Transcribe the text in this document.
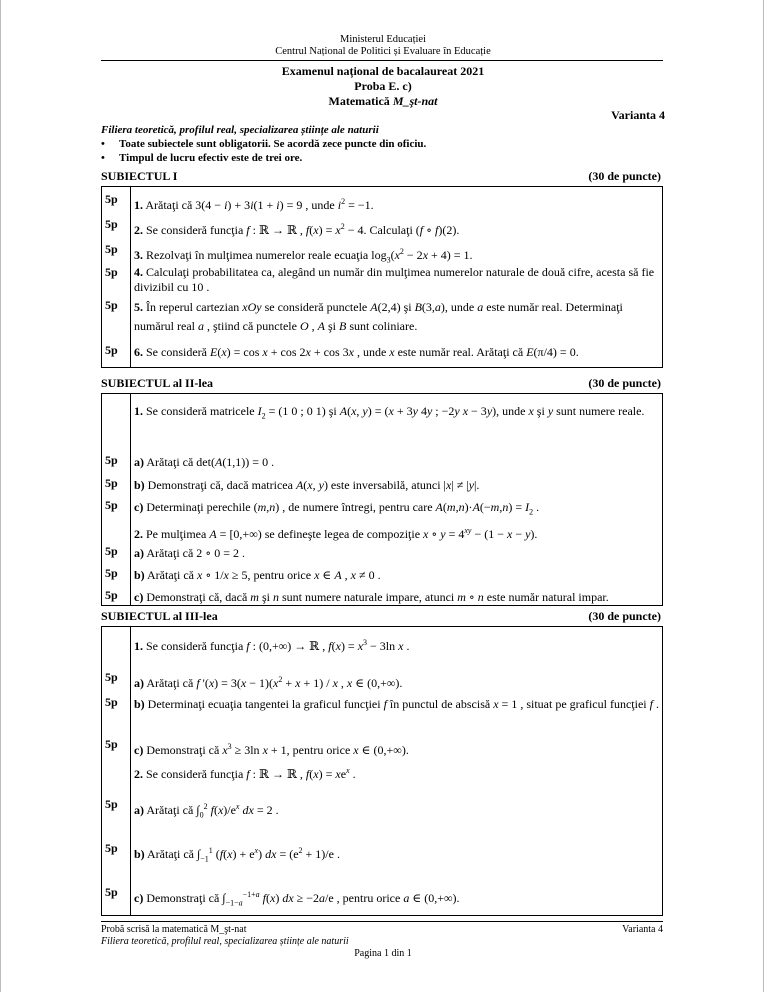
Ministerul Educației
Centrul Național de Politici și Evaluare în Educație
Examenul național de bacalaureat 2021
Proba E. c)
Matematică M_şt-nat
Varianta 4
Filiera teoretică, profilul real, specializarea științe ale naturii
• Toate subiectele sunt obligatorii. Se acordă zece puncte din oficiu.
• Timpul de lucru efectiv este de trei ore.
SUBIECTUL I	(30 de puncte)
5p	1. Arătaţi că 3(4 − i) + 3i(1 + i) = 9 , unde $i^2 = -1$.
5p	2. Se consideră funcţia f : ℝ → ℝ , $f(x) = x^2 - 4$. Calculaţi (f ∘ f)(2).
5p	3. Rezolvaţi în mulţimea numerelor reale ecuaţia $\log_3(x^2 - 2x + 4) = 1$.
5p	4. Calculaţi probabilitatea ca, alegând un număr din mulţimea numerelor naturale de două cifre, acesta să fie divizibil cu 10 .
5p	5. În reperul cartezian xOy se consideră punctele A(2,4) şi B(3,a), unde a este număr real. Determinaţi numărul real a , ştiind că punctele O , A şi B sunt coliniare.
5p	6. Se consideră E(x) = cos x + cos 2x + cos 3x , unde x este număr real. Arătaţi că E(π/4) = 0.
SUBIECTUL al II-lea	(30 de puncte)
1. Se consideră matricele $I_2 = (1$ 0 ; 0 1) şi A(x, y) = (x + 3y 4y ; −2y x − 3y), unde x şi y sunt numere reale.
5p	a) Arătaţi că det(A(1,1)) = 0 .
5p	b) Demonstraţi că, dacă matricea A(x, y) este inversabilă, atunci |x| ≠ |y|.
5p	c) Determinaţi perechile (m,n) , de numere întregi, pentru care $A(m,n)\cdot A(-m,n) = I_2$ .
2. Pe mulţimea A = [0,+∞) se defineşte legea de compoziţie x ∘ $y = 4^{xy} - (1 - x - y)$.
5p	a) Arătaţi că 2 ∘ 0 = 2 .
5p	b) Arătaţi că x ∘ 1/x ≥ 5, pentru orice x ∈ A , x ≠ 0 .
5p	c) Demonstraţi că, dacă m şi n sunt numere naturale impare, atunci m ∘ n este număr natural impar.
SUBIECTUL al III-lea	(30 de puncte)
1. Se consideră funcţia f : (0,+∞) → ℝ , $f(x) = x^3 - 3\ln$ x .
5p	a) Arătaţi că f '$(x) = 3(x - 1)(x^2 + x + 1) / x$ , x ∈ (0,+∞).
5p	b) Determinaţi ecuaţia tangentei la graficul funcţiei f în punctul de abscisă x = 1 , situat pe graficul funcţiei f .
5p	c) Demonstraţi că $x^3 \ge 3\ln$ x + 1, pentru orice x ∈ (0,+∞).
2. Se consideră funcţia f : ℝ → ℝ , $f(x) = xe^x$ .
5p	a) Arătaţi că $\int_0^2$ $f(x)/e^x$ dx = 2 .
5p	b) Arătaţi că $\int_{-1}^1$ $(f(x) + e^x)$ dx = $(e^2 + 1)/e$ .
5p	c) Demonstraţi că $\int_{-1-a}^{-1+a}$ f(x) dx ≥ −2a/e , pentru orice a ∈ (0,+∞).
Probă scrisă la matematică M_şt-nat	Varianta 4
Filiera teoretică, profilul real, specializarea științe ale naturii
Pagina 1 din 1
